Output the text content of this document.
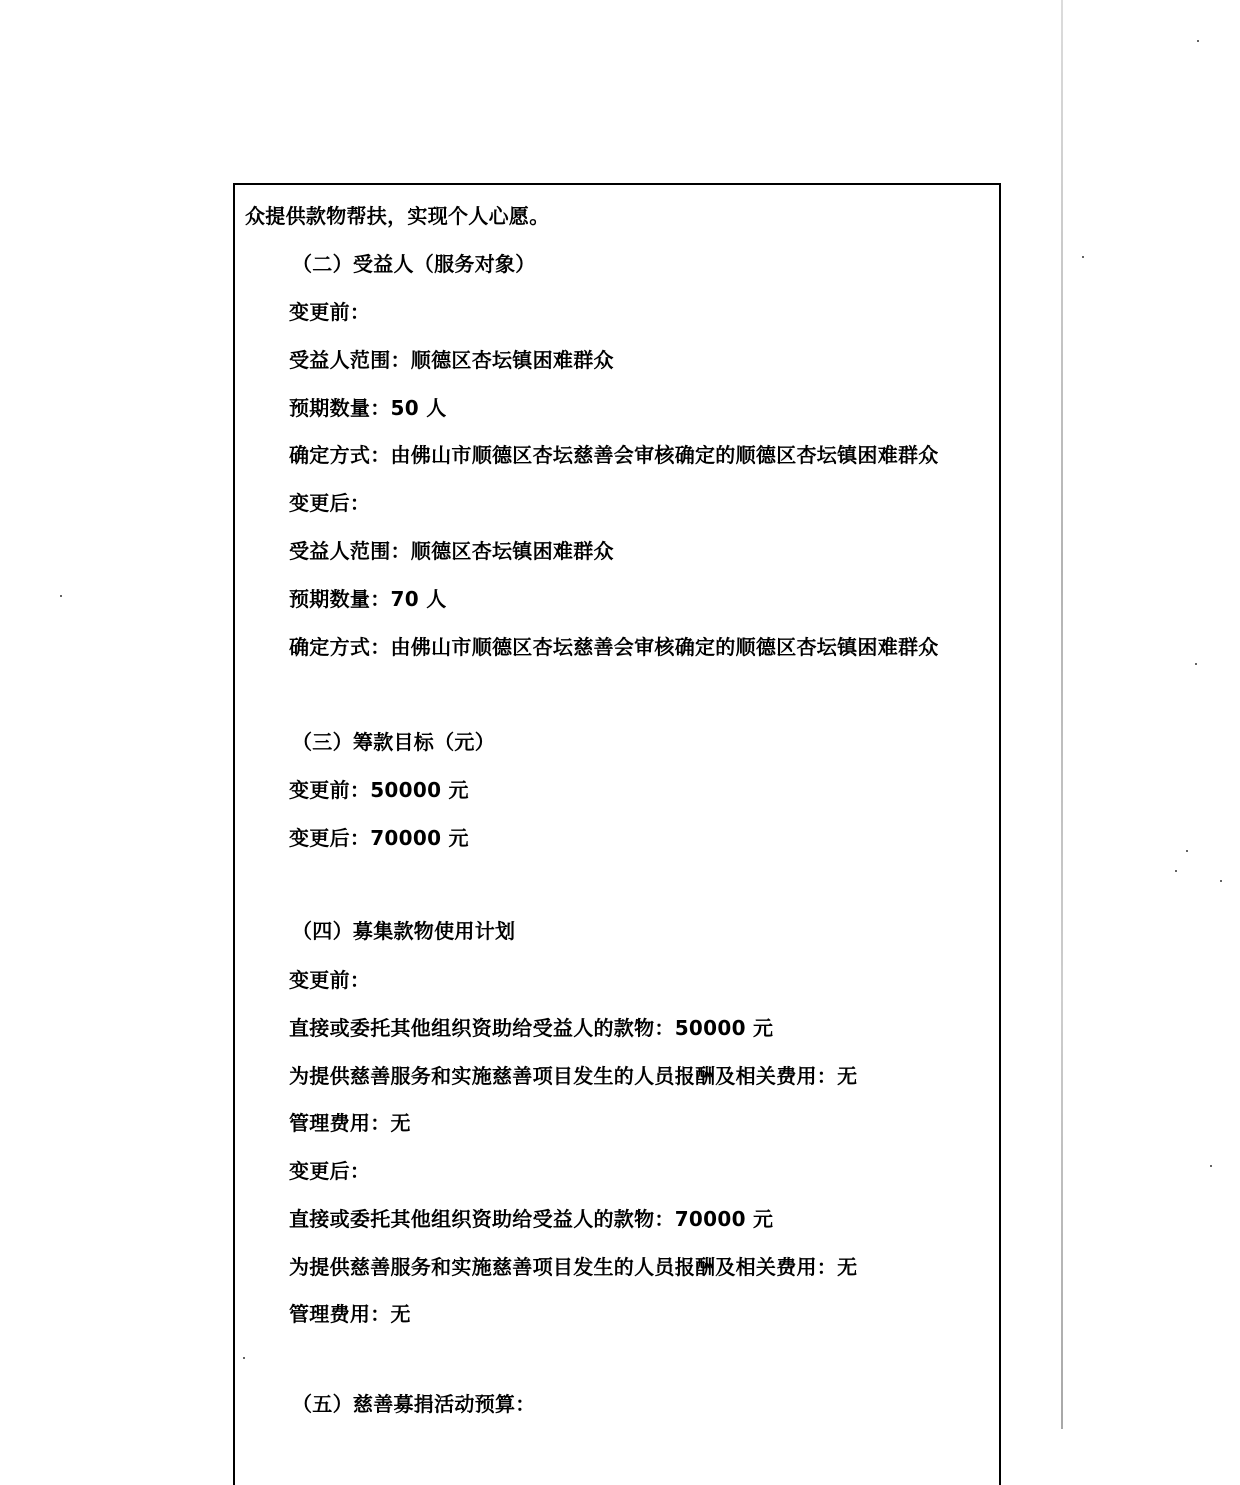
众提供款物帮扶，实现个人心愿。
（二）受益人（服务对象）
变更前：
受益人范围：顺德区杏坛镇困难群众
预期数量：50 人
确定方式：由佛山市顺德区杏坛慈善会审核确定的顺德区杏坛镇困难群众
变更后：
受益人范围：顺德区杏坛镇困难群众
预期数量：70 人
确定方式：由佛山市顺德区杏坛慈善会审核确定的顺德区杏坛镇困难群众
（三）筹款目标（元）
变更前：50000 元
变更后：70000 元
（四）募集款物使用计划
变更前：
直接或委托其他组织资助给受益人的款物：50000 元
为提供慈善服务和实施慈善项目发生的人员报酬及相关费用：无
管理费用：无
变更后：
直接或委托其他组织资助给受益人的款物：70000 元
为提供慈善服务和实施慈善项目发生的人员报酬及相关费用：无
管理费用：无
（五）慈善募捐活动预算：
